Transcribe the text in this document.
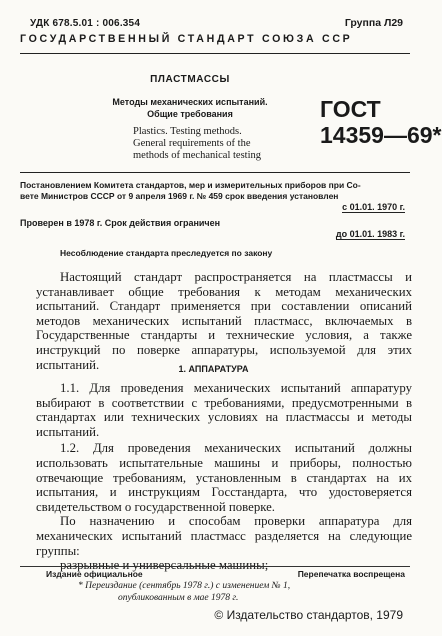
УДК 678.5.01 : 006.354	Группа Л29
ГОСУДАРСТВЕННЫЙ СТАНДАРТ СОЮЗА ССР
ПЛАСТМАССЫ
Методы механических испытаний.
Общие требования
Plastics. Testing methods.
General requirements of the
methods of mechanical testing
ГОСТ
14359—69*
Постановлением Комитета стандартов, мер и измерительных приборов при Со-
вете Министров СССР от 9 апреля 1969 г. № 459 срок введения установлен
с 01.01. 1970 г.
Проверен в 1978 г. Срок действия ограничен
до 01.01. 1983 г.
Несоблюдение стандарта преследуется по закону

Настоящий стандарт распространяется на пластмассы и устанавливает общие требования к методам механических испытаний. Стандарт применяется при составлении описаний методов механических испытаний пластмасс, включаемых в Государственные стандарты и технические условия, а также инструкций по поверке аппаратуры, используемой для этих испытаний.	1. АППАРАТУРА

1.1. Для проведения механических испытаний аппаратуру выбирают в соответствии с требованиями, предусмотренными в стандартах или технических условиях на пластмассы и методы испытаний.

1.2. Для проведения механических испытаний должны использовать испытательные машины и приборы, полностью отвечающие требованиям, установленным в стандартах на их испытания, и инструкциям Госстандарта, что удостоверяется свидетельством о государственной поверке.

По назначению и способам проверки аппаратура для механических испытаний пластмасс разделяется на следующие группы:

разрывные и универсальные машины;

Издание официальное	Перепечатка воспрещена
* Переиздание (сентябрь 1978 г.) с изменением № 1,
опубликованным в мае 1978 г.
© Издательство стандартов, 1979
